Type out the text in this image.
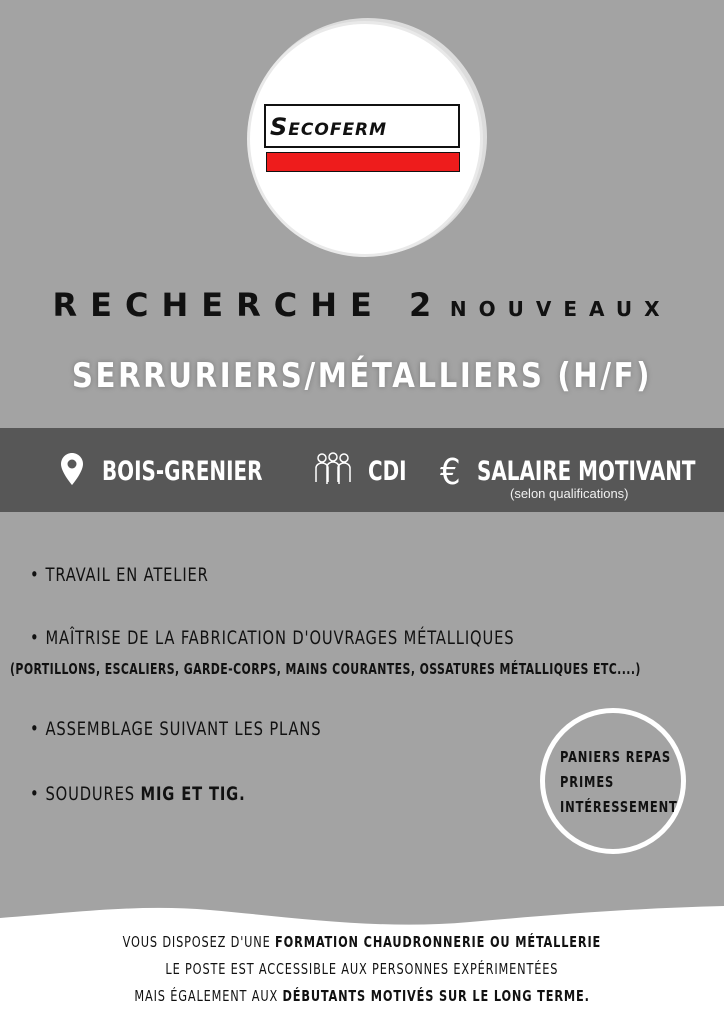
Secoferm
RECHERCHE 2 NOUVEAUX
SERRURIERS/MÉTALLIERS (H/F)
BOIS-GRENIER	CDI € SALAIRE MOTIVANT
(selon qualifications)
• TRAVAIL EN ATELIER
• MAÎTRISE DE LA FABRICATION D'OUVRAGES MÉTALLIQUES
(PORTILLONS, ESCALIERS, GARDE-CORPS, MAINS COURANTES, OSSATURES MÉTALLIQUES ETC....)
• ASSEMBLAGE SUIVANT LES PLANS
• SOUDURES MIG ET TIG.
PANIERS REPAS
PRIMES
INTÉRESSEMENT
VOUS DISPOSEZ D'UNE FORMATION CHAUDRONNERIE OU MÉTALLERIE
LE POSTE EST ACCESSIBLE AUX PERSONNES EXPÉRIMENTÉES
MAIS ÉGALEMENT AUX DÉBUTANTS MOTIVÉS SUR LE LONG TERME.
